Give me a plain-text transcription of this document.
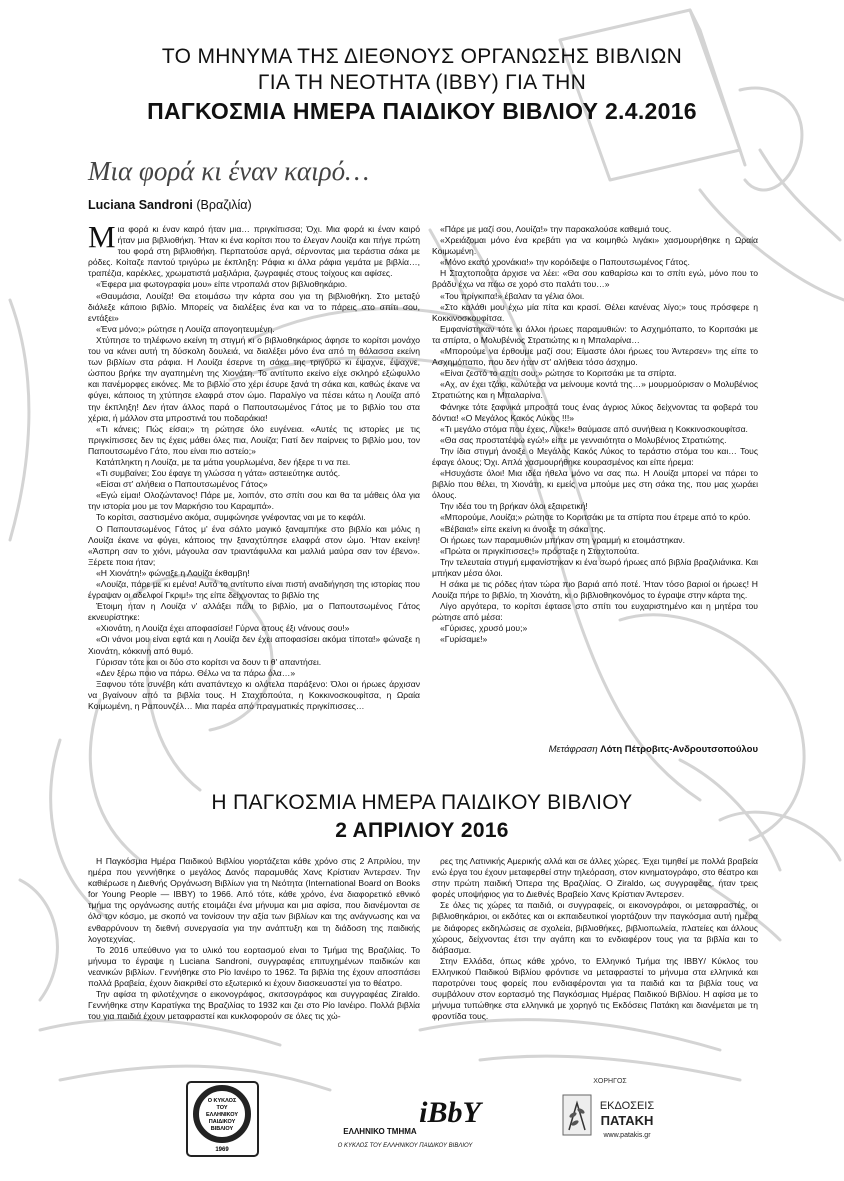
ΤΟ ΜΗΝΥΜΑ ΤΗΣ ΔΙΕΘΝΟΥΣ ΟΡΓΑΝΩΣΗΣ ΒΙΒΛΙΩΝ
ΓΙΑ ΤΗ ΝΕΟΤΗΤΑ (IBBY) ΓΙΑ ΤΗΝ
ΠΑΓΚΟΣΜΙΑ ΗΜΕΡΑ ΠΑΙΔΙΚΟΥ ΒΙΒΛΙΟΥ 2.4.2016
Μια φορά κι έναν καιρό…
Luciana Sandroni (Βραζιλία)
Μ ια φορά κι έναν καιρό ήταν μια… πριγκίπισσα; Όχι. Μια φορά κι έναν καιρό ήταν μια βιβλιοθήκη. Ήταν κι ένα κορίτσι που το έλεγαν Λουίζα και πήγε πρώτη του φορά στη βιβλιοθήκη. Περπατούσε αργά, σέρνοντας μια τεράστια σάκα με ρόδες. Κοίταζε παντού τριγύρω με έκπληξη: Ράφια κι άλλα ράφια γεμάτα με βιβλία…, τραπέζια, καρέκλες, χρωματιστά μαξιλάρια, ζωγραφιές στους τοίχους και αφίσες.

«Έφερα μια φωτογραφία μου» είπε ντροπαλά στον βιβλιοθηκάριο.

«Θαυμάσια, Λουίζα! Θα ετοιμάσω την κάρτα σου για τη βιβλιοθήκη. Στο μεταξύ διάλεξε κάποιο βιβλίο. Μπορείς να διαλέξεις ένα και να το πάρεις στο σπίτι σου, εντάξει»

«Ένα μόνο;» ρώτησε η Λουίζα απογοητευμένη.

Χτύπησε το τηλέφωνο εκείνη τη στιγμή κι ο βιβλιοθηκάριος άφησε το κορίτσι μονάχο του να κάνει αυτή τη δύσκολη δουλειά, να διαλέξει μόνο ένα από τη θάλασσα εκείνη των βιβλίων στα ράφια. Η Λουίζα έσερνε τη σάκα της τριγύρω κι έψαχνε, έψαχνε, ώσπου βρήκε την αγαπημένη της Χιονάτη. Το αντίτυπο εκείνο είχε σκληρό εξώφυλλο και πανέμορφες εικόνες. Με το βιβλίο στο χέρι έσυρε ξανά τη σάκα και, καθώς έκανε να φύγει, κάποιος τη χτύπησε ελαφρά στον ώμο. Παραλίγο να πέσει κάτω η Λουίζα από την έκπληξη! Δεν ήταν άλλος παρά ο Παπουτσωμένος Γάτος με το βιβλίο του στα χέρια, ή μάλλον στα μπροστινά του ποδαράκια!

«Τι κάνεις; Πώς είσαι;» τη ρώτησε όλο ευγένεια. «Αυτές τις ιστορίες με τις πριγκίπισσες δεν τις έχεις μάθει όλες πια, Λουίζα; Γιατί δεν παίρνεις το βιβλίο μου, τον Παπουτσωμένο Γάτο, που είναι πιο αστείο;»

Κατάπληκτη η Λουίζα, με τα μάτια γουρλωμένα, δεν ήξερε τι να πει.

«Τι συμβαίνει; Σου έφαγε τη γλώσσα η γάτα» αστειεύτηκε αυτός.

«Είσαι στ' αλήθεια ο Παπουτσωμένος Γάτος»

«Εγώ είμαι! Ολοζώντανος! Πάρε με, λοιπόν, στο σπίτι σου και θα τα μάθεις όλα για την ιστορία μου με τον Μαρκήσιο του Καραμπά».

Το κορίτσι, σαστισμένο ακόμα, συμφώνησε γνέφοντας ναι με το κεφάλι.

Ο Παπουτσωμένος Γάτος μ' ένα σάλτο μαγικό ξαναμπήκε στο βιβλίο και μόλις η Λουίζα έκανε να φύγει, κάποιος την ξαναχτύπησε ελαφρά στον ώμο. Ήταν εκείνη! «Άσπρη σαν το χιόνι, μάγουλα σαν τριαντάφυλλα και μαλλιά μαύρα σαν τον έβενο». Ξέρετε ποια ήταν;

«Η Χιονάτη!» φώναξε η Λουίζα έκθαμβη!

«Λουίζα, πάρε με κι εμένα! Αυτό το αντίτυπο είναι πιστή αναδιήγηση της ιστορίας που έγραψαν οι αδελφοί Γκριμ!» της είπε δείχνοντας το βιβλίο της

Έτοιμη ήταν η Λουίζα ν' αλλάξει πάλι το βιβλίο, μα ο Παπουτσωμένος Γάτος εκνευρίστηκε:

«Χιονάτη, η Λουίζα έχει αποφασίσει! Γύρνα στους έξι νάνους σου!»

«Οι νάνοι μου είναι εφτά και η Λουίζα δεν έχει αποφασίσει ακόμα τίποτα!» φώναξε η Χιονάτη, κόκκινη από θυμό.

Γύρισαν τότε και οι δύο στο κορίτσι να δουν τι θ' απαντήσει.

«Δεν ξέρω ποιο να πάρω. Θέλω να τα πάρω όλα…»

Ξαφνου τότε συνέβη κάτι αναπάντεχο κι ολότελα παράξενο: Όλοι οι ήρωες άρχισαν να βγαίνουν από τα βιβλία τους. Η Σταχτοπούτα, η Κοκκινοσκουφίτσα, η Ωραία Κοιμωμένη, η Ραπουνζέλ… Μια παρέα από πραγματικές πριγκίπισσες…

«Πάρε με μαζί σου, Λουίζα!» την παρακαλούσε καθεμιά τους.

«Χρειάζομαι μόνο ένα κρεβάτι για να κοιμηθώ λιγάκι» χασμουρήθηκε η Ωραία Κοιμωμένη.

«Μόνο εκατό χρονάκια!» την κορόιδεψε ο Παπουτσωμένος Γάτος.

Η Σταχτοπούτα άρχισε να λέει: «Θα σου καθαρίσω και το σπίτι εγώ, μόνο που το βράδυ έχω να πάω σε χορό στο παλάτι του…»

«Του πρίγκιπα!» έβαλαν τα γέλια όλοι.

«Στο καλάθι μου έχω μία πίτα και κρασί. Θέλει κανένας λίγο;» τους πρόσφερε η Κοκκινοσκουφίτσα.

Εμφανίστηκαν τότε κι άλλοι ήρωες παραμυθιών: το Ασχημόπαπο, το Κοριτσάκι με τα σπίρτα, ο Μολυβένιος Στρατιώτης κι η Μπαλαρίνα…

«Μπορούμε να έρθουμε μαζί σου; Είμαστε όλοι ήρωες του Άντερσεν» της είπε το Ασχημόπαπο, που δεν ήταν στ' αλήθεια τόσο άσχημο.

«Είναι ζεστό το σπίτι σου;» ρώτησε το Κοριτσάκι με τα σπίρτα.

«Αχ, αν έχει τζάκι, καλύτερα να μείνουμε κοντά της…» μουρμούρισαν ο Μολυβένιος Στρατιώτης και η Μπαλαρίνα.

Φάνηκε τότε ξαφνικά μπροστά τους ένας άγριος λύκος δείχνοντας τα φοβερά του δόντια! «Ο Μεγάλος Κακός Λύκος !!!»

«Τι μεγάλο στόμα που έχεις, Λύκε!» θαύμασε από συνήθεια η Κοκκινοσκουφίτσα.

«Θα σας προστατέψω εγώ!» είπε με γενναιότητα ο Μολυβένιος Στρατιώτης.

Την ίδια στιγμή άνοιξε ο Μεγάλος Κακός Λύκος το τεράστιο στόμα του και… Τους έφαγε όλους; Όχι. Απλά χασμουρήθηκε κουρασμένος και είπε ήρεμα:

«Ησυχάστε όλοι! Μια ιδέα ήθελα μόνο να σας πω. Η Λουίζα μπορεί να πάρει το βιβλίο που θέλει, τη Χιονάτη, κι εμείς να μπούμε μες στη σάκα της, που μας χωράει όλους.

Την ιδέα του τη βρήκαν όλοι εξαιρετική!

«Μπορούμε, Λουίζα;» ρώτησε το Κοριτσάκι με τα σπίρτα που έτρεμε από το κρύο.

«Βέβαια!» είπε εκείνη κι άνοιξε τη σάκα της.

Οι ήρωες των παραμυθιών μπήκαν στη γραμμή κι ετοιμάστηκαν.

«Πρώτα οι πριγκίπισσες!» πρόσταξε η Σταχτοπούτα.

Την τελευταία στιγμή εμφανίστηκαν κι ένα σωρό ήρωες από βιβλία βραζιλιάνικα. Και μπήκαν μέσα όλοι.

Η σάκα με τις ρόδες ήταν τώρα πιο βαριά από ποτέ. Ήταν τόσο βαριοί οι ήρωες! Η Λουίζα πήρε το βιβλίο, τη Χιονάτη, κι ο βιβλιοθηκονόμος το έγραψε στην κάρτα της.

Λίγο αργότερα, το κορίτσι έφτασε στο σπίτι του ευχαριστημένο και η μητέρα του ρώτησε από μέσα:

«Γύρισες, χρυσό μου;»

«Γυρίσαμε!»

Μετάφραση Λότη Πέτροβιτς-Ανδρουτσοπούλου
Η ΠΑΓΚΟΣΜΙΑ ΗΜΕΡΑ ΠΑΙΔΙΚΟΥ ΒΙΒΛΙΟΥ
2 ΑΠΡΙΛΙΟΥ 2016

Η Παγκόσμια Ημέρα Παιδικού Βιβλίου γιορτάζεται κάθε χρόνο στις 2 Απριλίου, την ημέρα που γεννήθηκε ο μεγάλος Δανός παραμυθάς Χανς Κρίστιαν Άντερσεν. Την καθιέρωσε η Διεθνής Οργάνωση Βιβλίων για τη Νεότητα (International Board on Books for Young People — IBBY) το 1966. Από τότε, κάθε χρόνο, ένα διαφορετικό εθνικό τμήμα της οργάνωσης αυτής ετοιμάζει ένα μήνυμα και μια αφίσα, που διανέμονται σε όλο τον κόσμο, με σκοπό να τονίσουν την αξία των βιβλίων και της ανάγνωσης και να ενθαρρύνουν τη διεθνή συνεργασία για την ανάπτυξη και τη διάδοση της παιδικής λογοτεχνίας.

Το 2016 υπεύθυνο για το υλικό του εορτασμού είναι το Τμήμα της Βραζιλίας. Το μήνυμα το έγραψε η Luciana Sandroni, συγγραφέας επιτυχημένων παιδικών και νεανικών βιβλίων. Γεννήθηκε στο Ρίο Ιανέιρο το 1962. Τα βιβλία της έχουν αποσπάσει πολλά βραβεία, έχουν διακριθεί στο εξωτερικό κι έχουν διασκευαστεί για το θέατρο.

Την αφίσα τη φιλοτέχνησε ο εικονογράφος, σκιτσογράφος και συγγραφέας Ziraldo. Γεννήθηκε στην Καρατίγκα της Βραζιλίας το 1932 και ζει στο Ρίο Ιανέιρο. Πολλά βιβλία του για παιδιά έχουν μεταφραστεί και κυκλοφορούν σε όλες τις χώ-

ρες της Λατινικής Αμερικής αλλά και σε άλλες χώρες. Έχει τιμηθεί με πολλά βραβεία ενώ έργα του έχουν μεταφερθεί στην τηλεόραση, στον κινηματογράφο, στο θέατρο και στην πρώτη παιδική Όπερα της Βραζιλίας. Ο Ziraldo, ως συγγραφέας, ήταν τρεις φορές υποψήφιος για το Διεθνές Βραβείο Χανς Κρίστιαν Άντερσεν.

Σε όλες τις χώρες τα παιδιά, οι συγγραφείς, οι εικονογράφοι, οι μεταφραστές, οι βιβλιοθηκάριοι, οι εκδότες και οι εκπαιδευτικοί γιορτάζουν την παγκόσμια αυτή ημέρα με διάφορες εκδηλώσεις σε σχολεία, βιβλιοθήκες, βιβλιοπωλεία, πλατείες και άλλους χώρους, δείχνοντας έτσι την αγάπη και το ενδιαφέρον τους για τα βιβλία και το διάβασμα.

Στην Ελλάδα, όπως κάθε χρόνο, το Ελληνικό Τμήμα της IBBY/ Κύκλος του Ελληνικού Παιδικού Βιβλίου φρόντισε να μεταφραστεί το μήνυμα στα ελληνικά και παροτρύνει τους φορείς που ενδιαφέρονται για τα παιδιά και τα βιβλία τους να συμβάλουν στον εορτασμό της Παγκόσμιας Ημέρας Παιδικού Βιβλίου. Η αφίσα με το μήνυμα τυπώθηκε στα ελληνικά με χορηγό τις Εκδόσεις Πατάκη και διανέμεται με τη φροντίδα τους.

Ο ΚΥΚΛΟΣ
ΤΟΥ
ΕΛΛΗΝΙΚΟΥ
ΠΑΙΔΙΚΟΥ
ΒΙΒΛΙΟΥ
1969
iBbY
ΕΛΛΗΝΙΚΟ ΤΜΗΜΑ
Ο ΚΥΚΛΟΣ ΤΟΥ ΕΛΛΗΝΙΚΟΥ ΠΑΙΔΙΚΟΥ ΒΙΒΛΙΟΥ
ΧΟΡΗΓΟΣ
ΕΚΔΟΣΕΙΣ
ΠΑΤΑΚΗ
www.patakis.gr
